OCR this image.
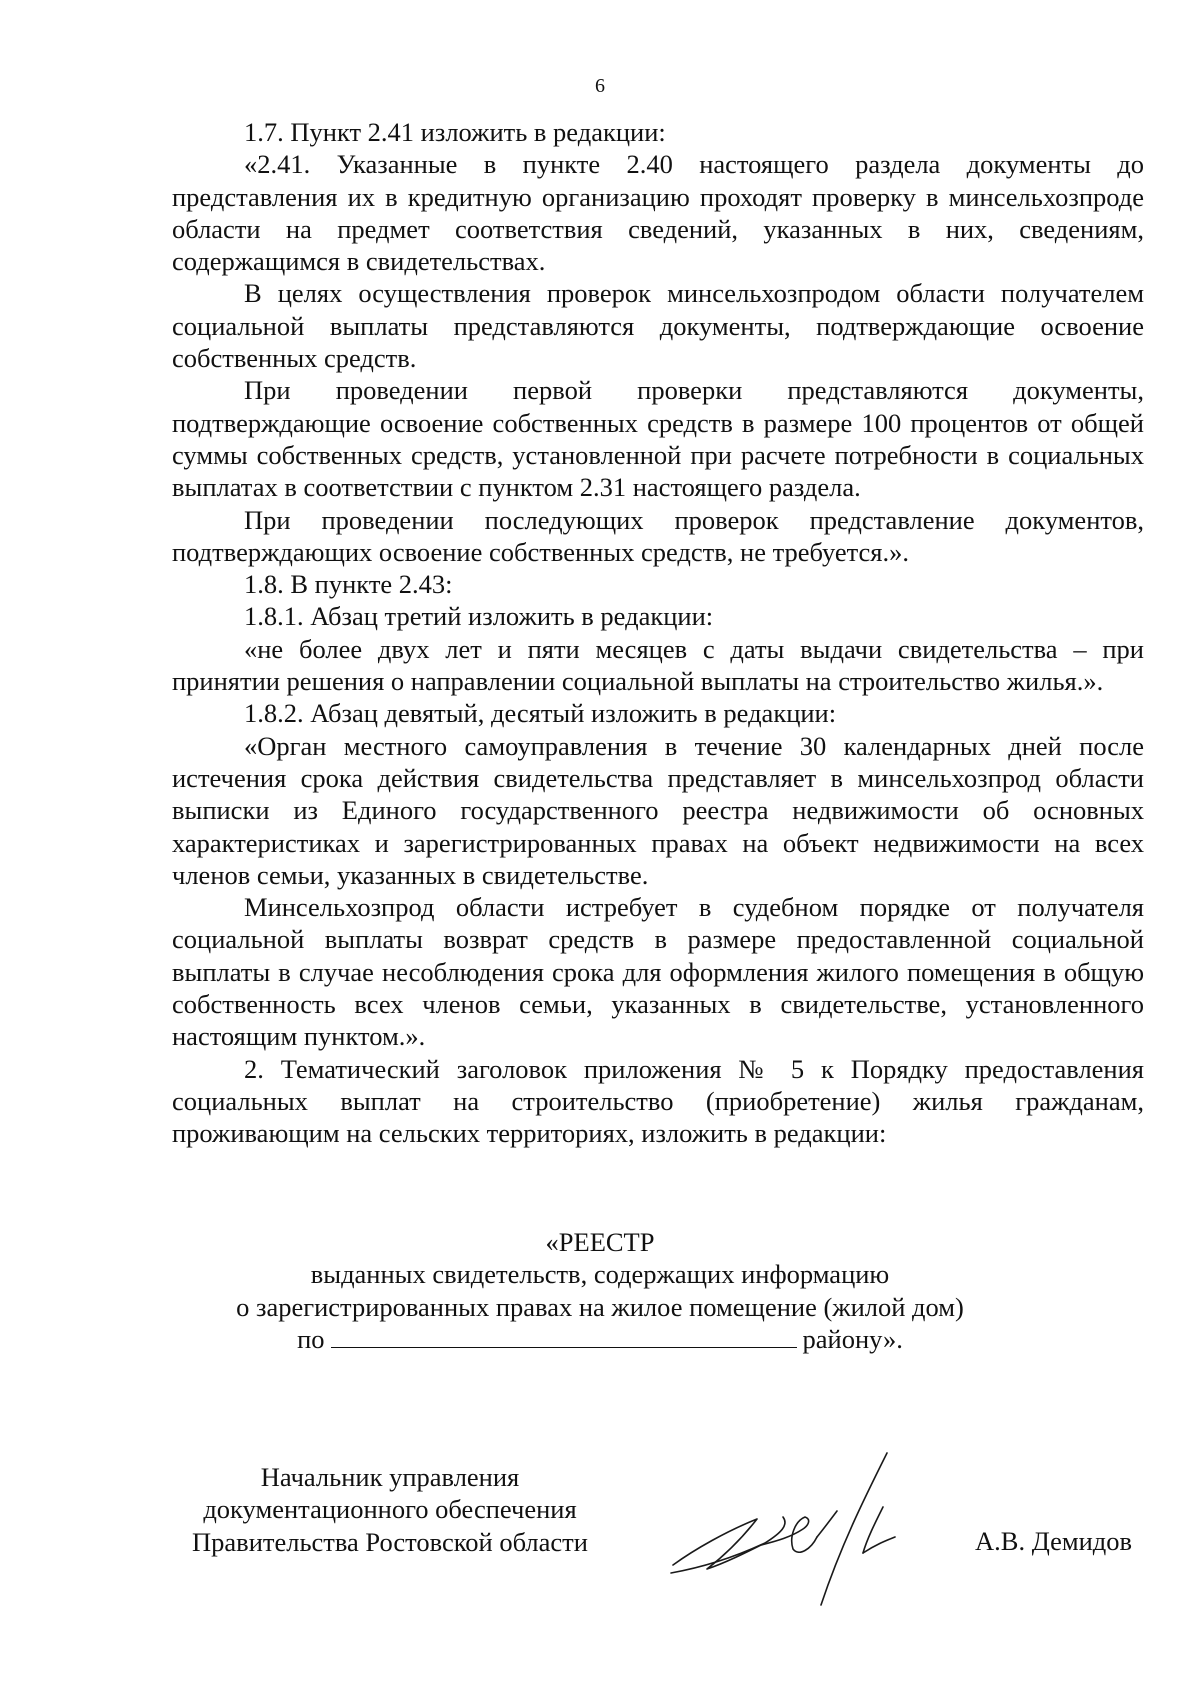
6

1.7. Пункт 2.41 изложить в редакции:

«2.41. Указанные в пункте 2.40 настоящего раздела документы до представления их в кредитную организацию проходят проверку в минсельхозпроде области на предмет соответствия сведений, указанных в них, сведениям, содержащимся в свидетельствах.

В целях осуществления проверок минсельхозпродом области получателем социальной выплаты представляются документы, подтверждающие освоение собственных средств.

При проведении первой проверки представляются документы, подтверждающие освоение собственных средств в размере 100 процентов от общей суммы собственных средств, установленной при расчете потребности в социальных выплатах в соответствии с пунктом 2.31 настоящего раздела.

При проведении последующих проверок представление документов, подтверждающих освоение собственных средств, не требуется.».

1.8. В пункте 2.43:

1.8.1. Абзац третий изложить в редакции:

«не более двух лет и пяти месяцев с даты выдачи свидетельства – при принятии решения о направлении социальной выплаты на строительство жилья.».

1.8.2. Абзац девятый, десятый изложить в редакции:

«Орган местного самоуправления в течение 30 календарных дней после истечения срока действия свидетельства представляет в минсельхозпрод области выписки из Единого государственного реестра недвижимости об основных характеристиках и зарегистрированных правах на объект недвижимости на всех членов семьи, указанных в свидетельстве.

Минсельхозпрод области истребует в судебном порядке от получателя социальной выплаты возврат средств в размере предоставленной социальной выплаты в случае несоблюдения срока для оформления жилого помещения в общую собственность всех членов семьи, указанных в свидетельстве, установленного настоящим пунктом.».

2. Тематический заголовок приложения № 5 к Порядку предоставления социальных выплат на строительство (приобретение) жилья гражданам, проживающим на сельских территориях, изложить в редакции:

«РЕЕСТР
выданных свидетельств, содержащих информацию
о зарегистрированных правах на жилое помещение (жилой дом)
по	району».
Начальник управления
документационного обеспечения
Правительства Ростовской области	А.В. Демидов
